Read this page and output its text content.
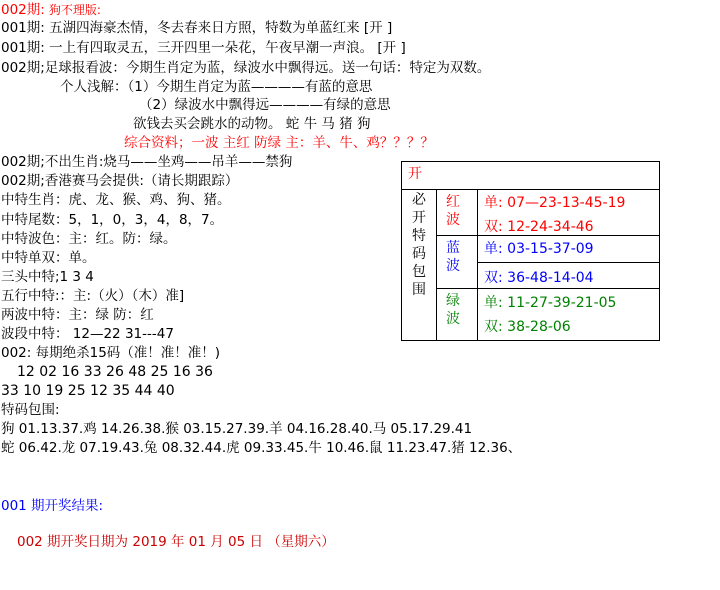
002期: 狗不理版:
001期: 五湖四海豪杰情，冬去春来日方照，特数为单蓝红来 [开 ]
001期: 一上有四取灵五，三开四里一朵花，午夜早潮一声浪。 [开 ]
002期;足球报看波：今期生肖定为蓝，绿波水中飘得远。送一句话：特定为双数。
个人浅解：（1）今期生肖定为蓝————有蓝的意思
（2）绿波水中飘得远————有绿的意思
欲钱去买会跳水的动物。 蛇 牛 马 猪 狗
综合资料；一波 主红 防绿 主：羊、牛、鸡？？？？
002期;不出生肖:烧马——坐鸡——吊羊——禁狗
002期;香港赛马会提供:（请长期跟踪）
中特生肖：虎、龙、猴、鸡、狗、猪。
中特尾数：5，1，0，3，4，8，7。
中特波色：主：红。防：绿。
中特单双：单。
三头中特;1 3 4
五行中特:：主:（火）（木）准]
两波中特：主：绿 防：红
波段中特： 12—22 31---47
002: 每期绝杀15码（准！准！准！)
12 02 16 33 26 48 25 16 36
33 10 19 25 12 35 44 40
特码包围:
狗 01.13.37.鸡 14.26.38.猴 03.15.27.39.羊 04.16.28.40.马 05.17.29.41
蛇 06.42.龙 07.19.43.兔 08.32.44.虎 09.33.45.牛 10.46.鼠 11.23.47.猪 12.36、
001 期开奖结果:
002 期开奖日期为 2019 年 01 月 05 日 （星期六）
开
必开特码包围
红波
单: 07—23-13-45-19
双: 12-24-34-46
蓝波
单: 03-15-37-09
双: 36-48-14-04
绿波
单: 11-27-39-21-05
双: 38-28-06
